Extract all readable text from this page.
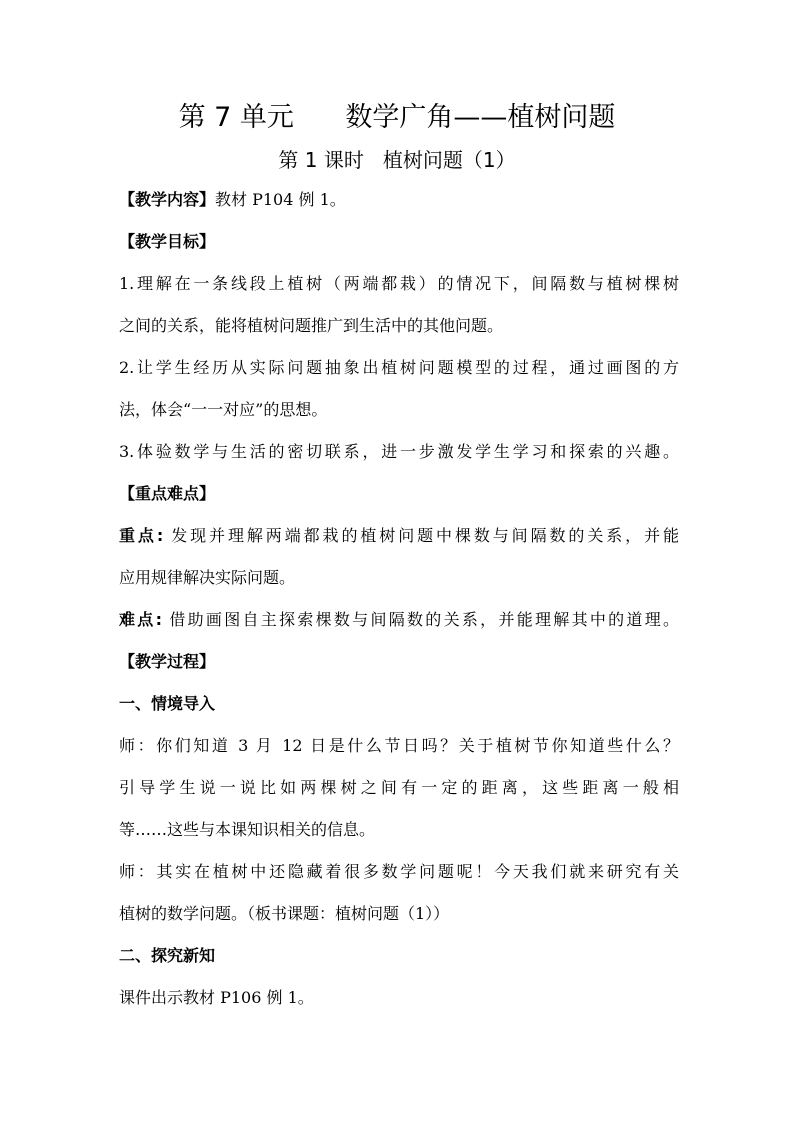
第 7 单元      数学广角——植树问题
第 1 课时   植树问题（1）
【教学内容】教材 P104 例 1。
【教学目标】
1.理解在一条线段上植树（两端都栽）的情况下，间隔数与植树棵树
之间的关系，能将植树问题推广到生活中的其他问题。
2.让学生经历从实际问题抽象出植树问题模型的过程，通过画图的方
法，体会“一一对应”的思想。
3.体验数学与生活的密切联系，进一步激发学生学习和探索的兴趣。
【重点难点】
重点: 发现并理解两端都栽的植树问题中棵数与间隔数的关系，并能
应用规律解决实际问题。
难点: 借助画图自主探索棵数与间隔数的关系，并能理解其中的道理。
【教学过程】
一、情境导入
师：你们知道 3 月 12 日是什么节日吗？关于植树节你知道些什么？
引导学生说一说比如两棵树之间有一定的距离，这些距离一般相
等……这些与本课知识相关的信息。
师：其实在植树中还隐藏着很多数学问题呢！今天我们就来研究有关
植树的数学问题。（板书课题：植树问题（1））
二、探究新知
课件出示教材 P106 例 1。
